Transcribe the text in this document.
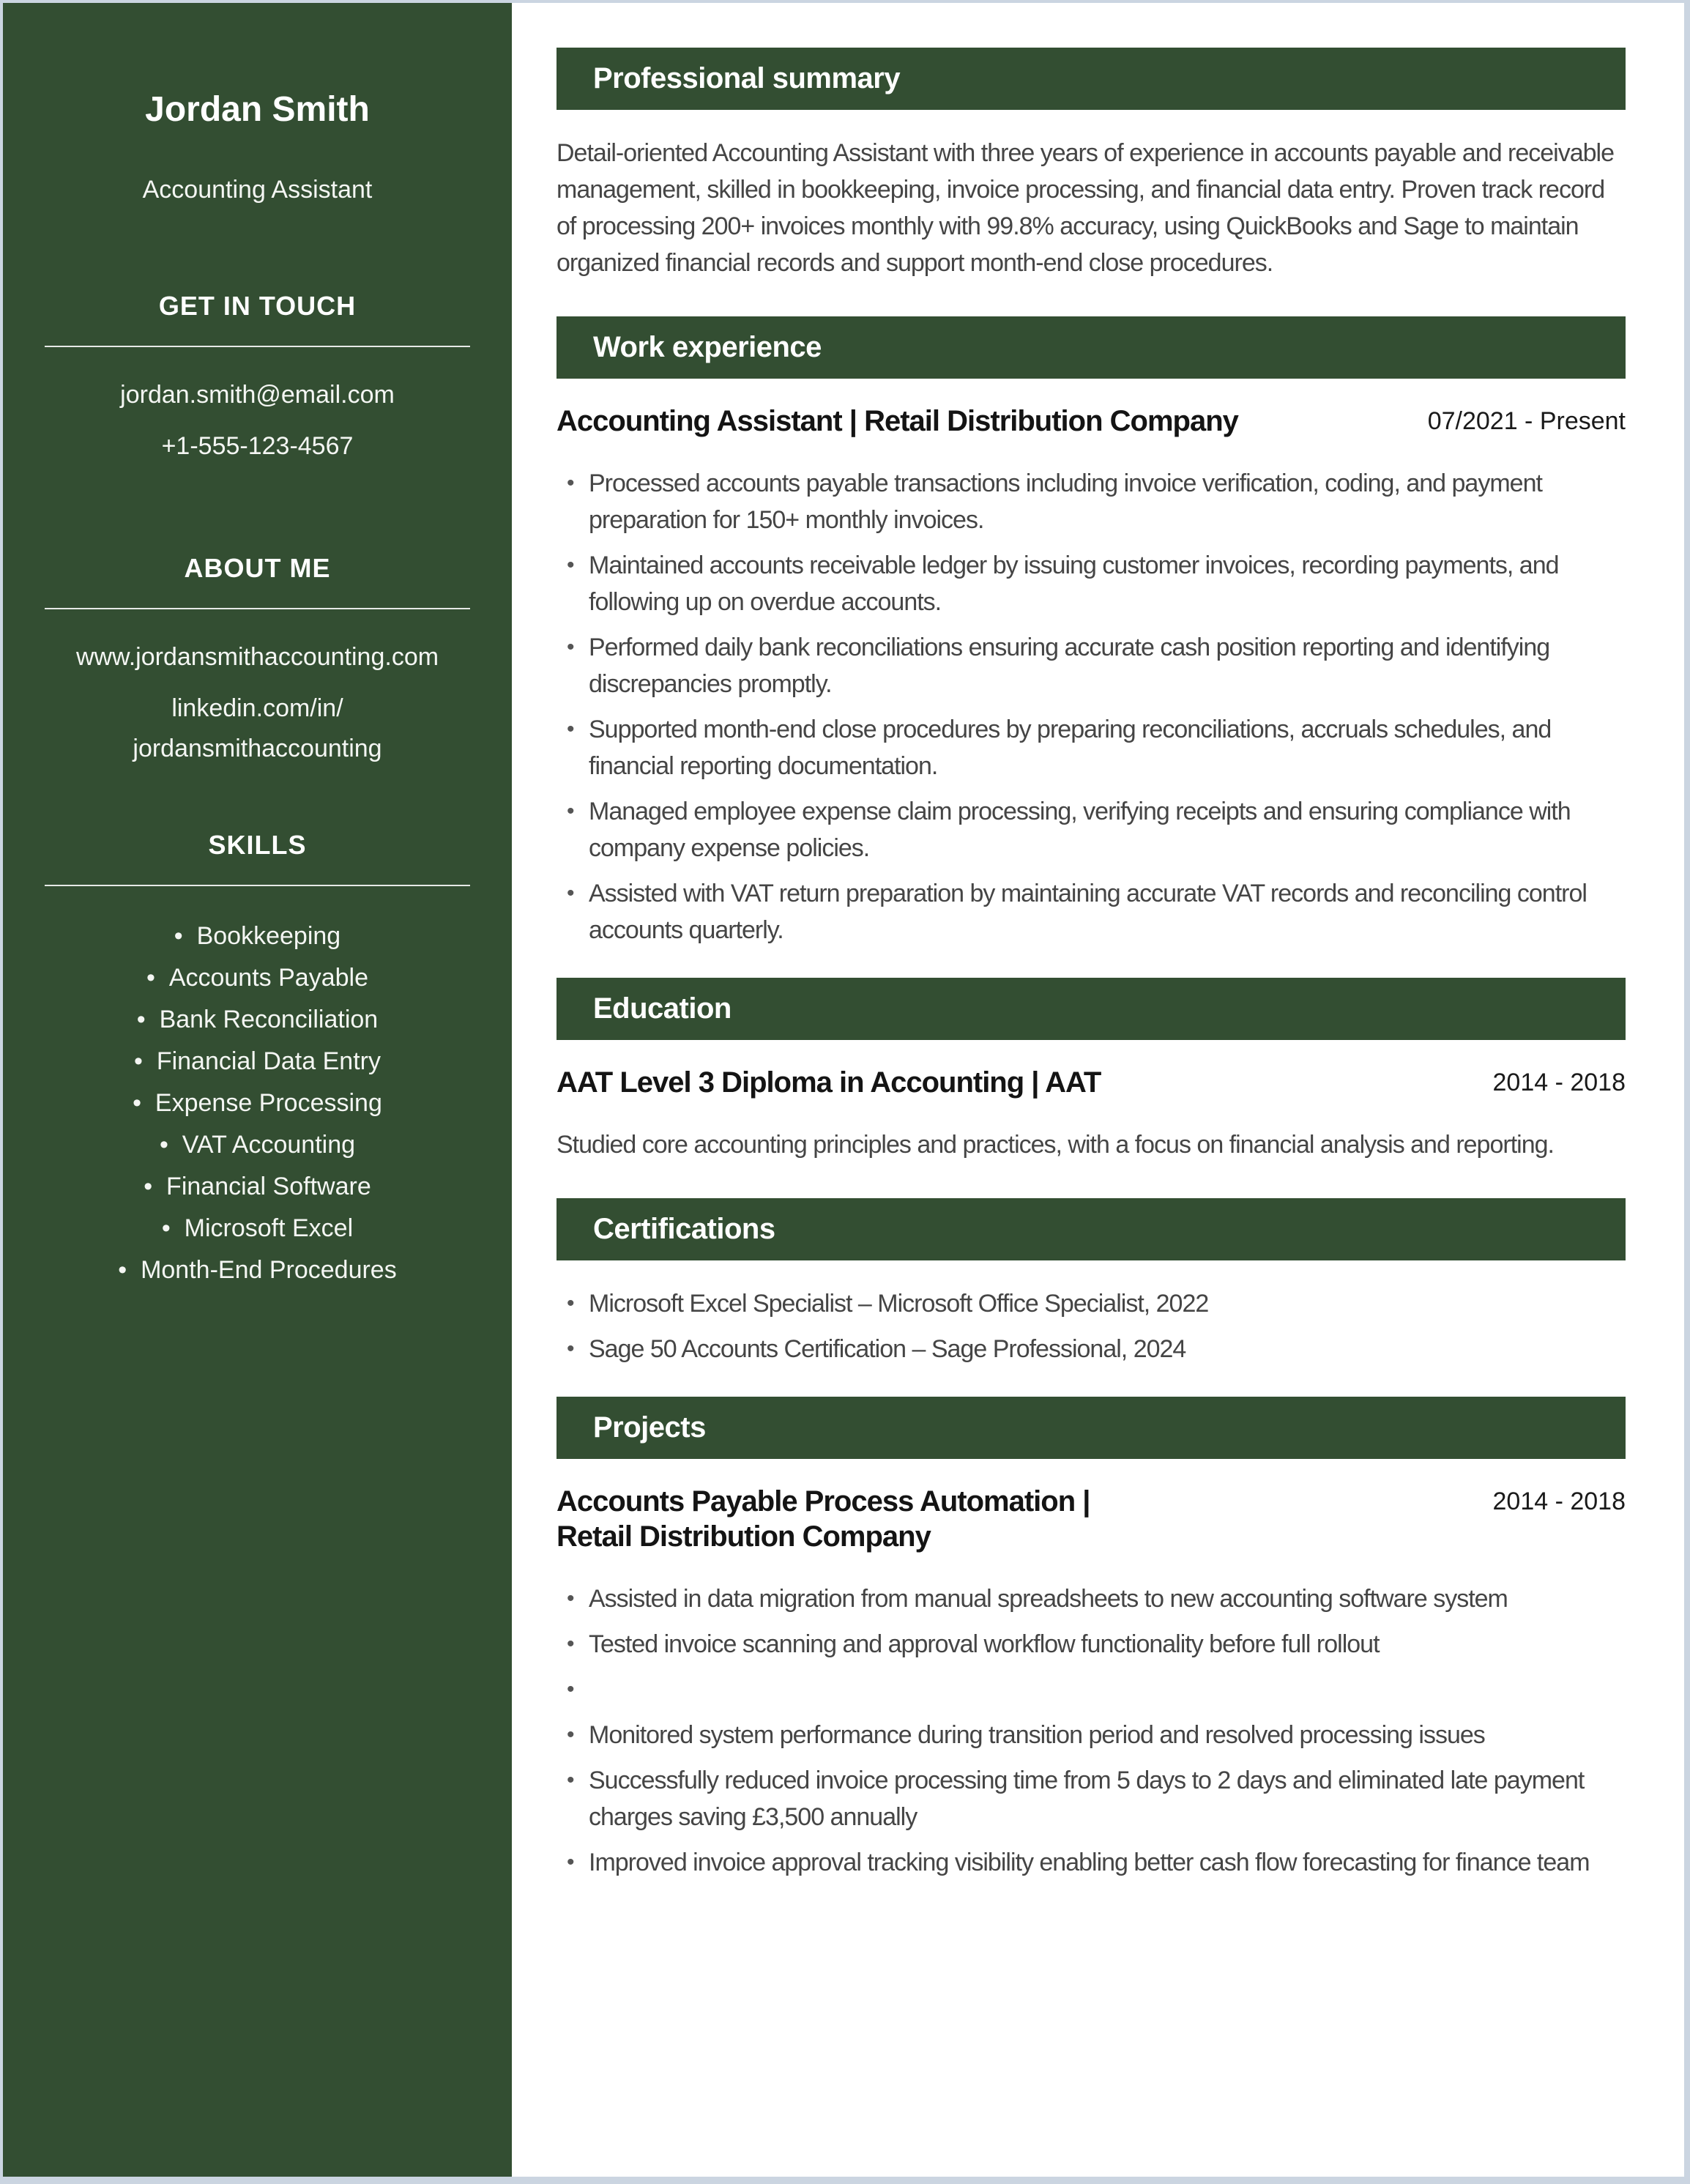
Jordan Smith
Accounting Assistant
GET IN TOUCH
jordan.smith@email.com
+1-555-123-4567
ABOUT ME
www.jordansmithaccounting.com
linkedin.com/in/
jordansmithaccounting
SKILLS
•  Bookkeeping
•  Accounts Payable
•  Bank Reconciliation
•  Financial Data Entry
•  Expense Processing
•  VAT Accounting
•  Financial Software
•  Microsoft Excel
•  Month-End Procedures
Professional summary

Detail-oriented Accounting Assistant with three years of experience in accounts payable and receivable management, skilled in bookkeeping, invoice processing, and financial data entry. Proven track record of processing 200+ invoices monthly with 99.8% accuracy, using QuickBooks and Sage to maintain organized financial records and support month-end close procedures.

Work experience
Accounting Assistant | Retail Distribution Company	07/2021 - Present
• Processed accounts payable transactions including invoice verification, coding, and payment preparation for 150+ monthly invoices.
• Maintained accounts receivable ledger by issuing customer invoices, recording payments, and following up on overdue accounts.
• Performed daily bank reconciliations ensuring accurate cash position reporting and identifying discrepancies promptly.
• Supported month-end close procedures by preparing reconciliations, accruals schedules, and financial reporting documentation.
• Managed employee expense claim processing, verifying receipts and ensuring compliance with company expense policies.
• Assisted with VAT return preparation by maintaining accurate VAT records and reconciling control accounts quarterly.
Education
AAT Level 3 Diploma in Accounting | AAT	2014 - 2018

Studied core accounting principles and practices, with a focus on financial analysis and reporting.

Certifications
• Microsoft Excel Specialist – Microsoft Office Specialist, 2022
• Sage 50 Accounts Certification – Sage Professional, 2024
Projects
Accounts Payable Process Automation |
Retail Distribution Company
2014 - 2018
• Assisted in data migration from manual spreadsheets to new accounting software system
• Tested invoice scanning and approval workflow functionality before full rollout
•
• Monitored system performance during transition period and resolved processing issues
• Successfully reduced invoice processing time from 5 days to 2 days and eliminated late payment charges saving £3,500 annually
• Improved invoice approval tracking visibility enabling better cash flow forecasting for finance team
